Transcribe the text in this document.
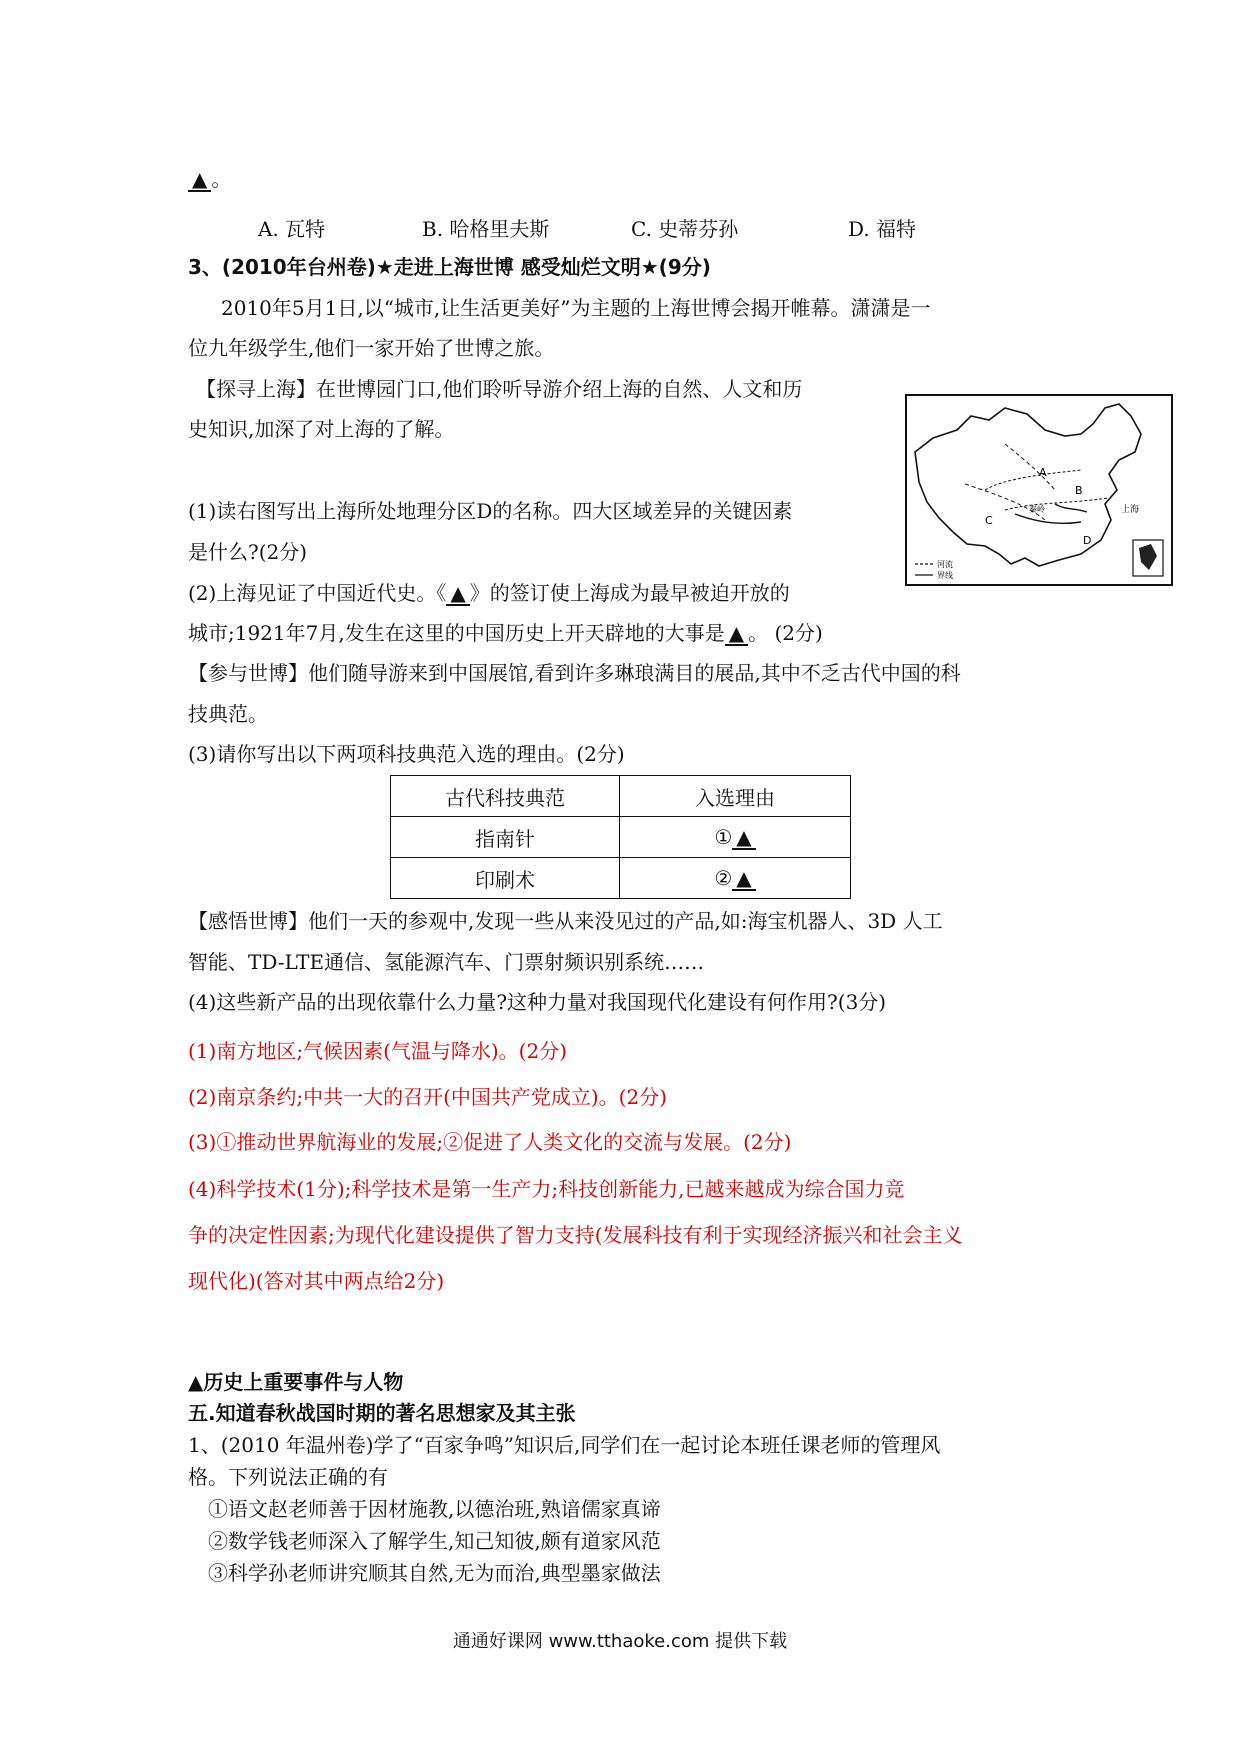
▲ 。
A. 瓦特	B. 哈格里夫斯	C. 史蒂芬孙	D. 福特
3、(2010年台州卷)★走进上海世博 感受灿烂文明★(9分)
2010年5月1日,以“城市,让生活更美好”为主题的上海世博会揭开帷幕。潇潇是一
位九年级学生,他们一家开始了世博之旅。
【探寻上海】在世博园门口,他们聆听导游介绍上海的自然、人文和历
史知识,加深了对上海的了解。
A
B
C
D
上海
秦岭
河流
界线
(1)读右图写出上海所处地理分区D的名称。四大区域差异的关键因素
是什么?(2分)
(2)上海见证了中国近代史。《 ▲ 》的签订使上海成为最早被迫开放的
城市;1921年7月,发生在这里的中国历史上开天辟地的大事是 ▲ 。 (2分)
【参与世博】他们随导游来到中国展馆,看到许多琳琅满目的展品,其中不乏古代中国的科
技典范。
(3)请你写出以下两项科技典范入选的理由。(2分)
古代科技典范	入选理由
指南针	① ▲
印刷术	② ▲
【感悟世博】他们一天的参观中,发现一些从来没见过的产品,如:海宝机器人、3D 人工
智能、TD-LTE通信、氢能源汽车、门票射频识别系统……
(4)这些新产品的出现依靠什么力量?这种力量对我国现代化建设有何作用?(3分)
(1)南方地区;气候因素(气温与降水)。(2分)
(2)南京条约;中共一大的召开(中国共产党成立)。(2分)
(3)①推动世界航海业的发展;②促进了人类文化的交流与发展。(2分)
(4)科学技术(1分);科学技术是第一生产力;科技创新能力,已越来越成为综合国力竞
争的决定性因素;为现代化建设提供了智力支持(发展科技有利于实现经济振兴和社会主义
现代化)(答对其中两点给2分)
▲历史上重要事件与人物
五.知道春秋战国时期的著名思想家及其主张
1、(2010 年温州卷)学了“百家争鸣”知识后,同学们在一起讨论本班任课老师的管理风
格。下列说法正确的有
①语文赵老师善于因材施教,以德治班,熟谙儒家真谛
②数学钱老师深入了解学生,知己知彼,颇有道家风范
③科学孙老师讲究顺其自然,无为而治,典型墨家做法
通通好课网 www.tthaoke.com 提供下载
